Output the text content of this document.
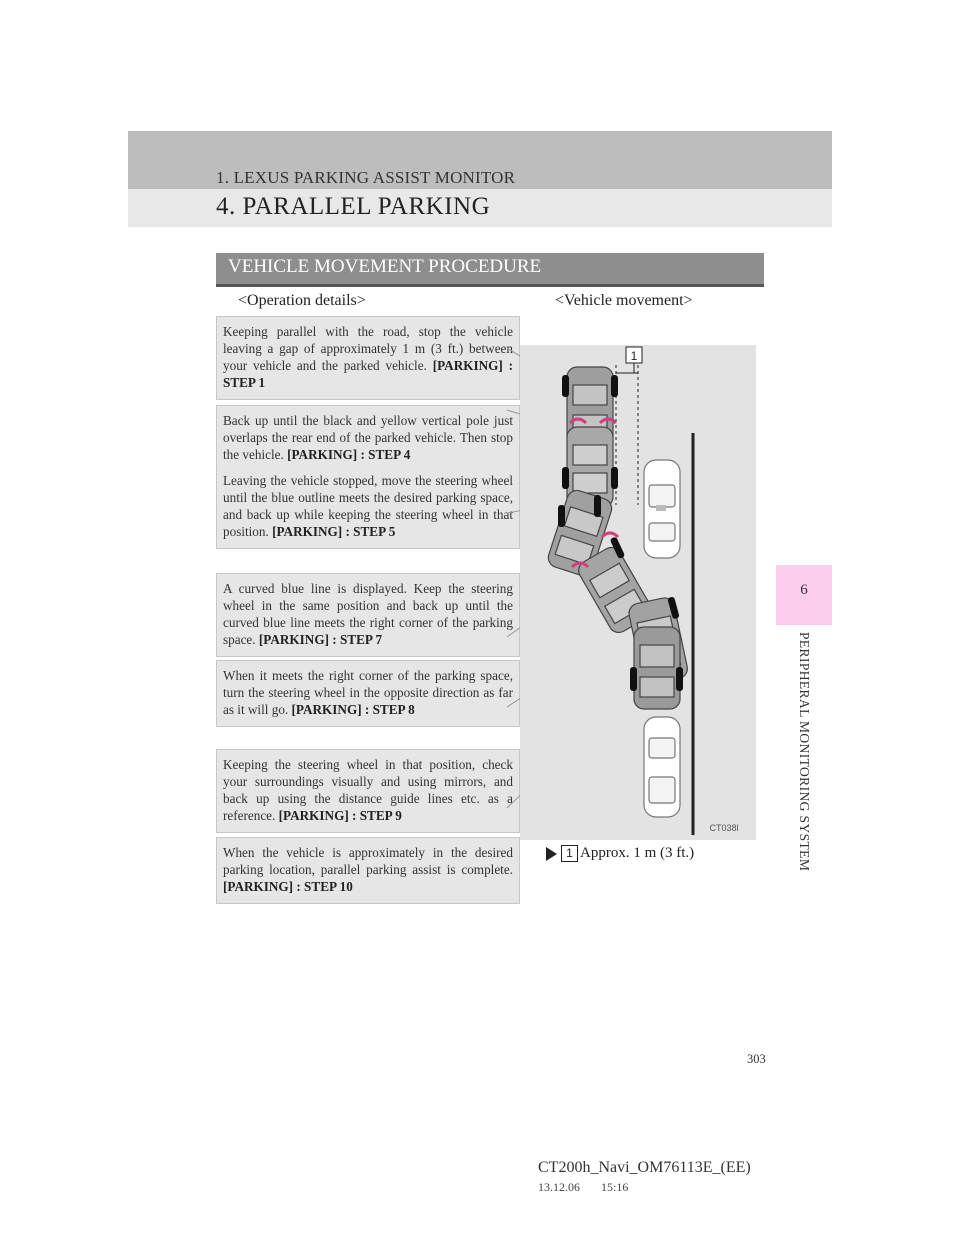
1. LEXUS PARKING ASSIST MONITOR
4. PARALLEL PARKING
VEHICLE MOVEMENT PROCEDURE
<Operation details>	<Vehicle movement>

Keeping parallel with the road, stop the vehicle leaving a gap of approximately 1 m (3 ft.) between your vehicle and the parked vehicle. [PARKING] : STEP 1

Back up until the black and yellow vertical pole just overlaps the rear end of the parked vehicle. Then stop the vehicle. [PARKING] : STEP 4

Leaving the vehicle stopped, move the steering wheel until the blue outline meets the desired parking space, and back up while keeping the steering wheel in that position. [PARKING] : STEP 5

A curved blue line is displayed. Keep the steering wheel in the same position and back up until the curved blue line meets the right corner of the parking space. [PARKING] : STEP 7

When it meets the right corner of the parking space, turn the steering wheel in the opposite direction as far as it will go. [PARKING] : STEP 8

Keeping the steering wheel in that position, check your surroundings visually and using mirrors, and back up using the distance guide lines etc. as a reference. [PARKING] : STEP 9

When the vehicle is approximately in the desired parking location, parallel parking assist is complete. [PARKING] : STEP 10

1
CT038l
1 Approx. 1 m (3 ft.)
6
PERIPHERAL MONITORING SYSTEM
303
CT200h_Navi_OM76113E_(EE)
13.12.06 15:16
